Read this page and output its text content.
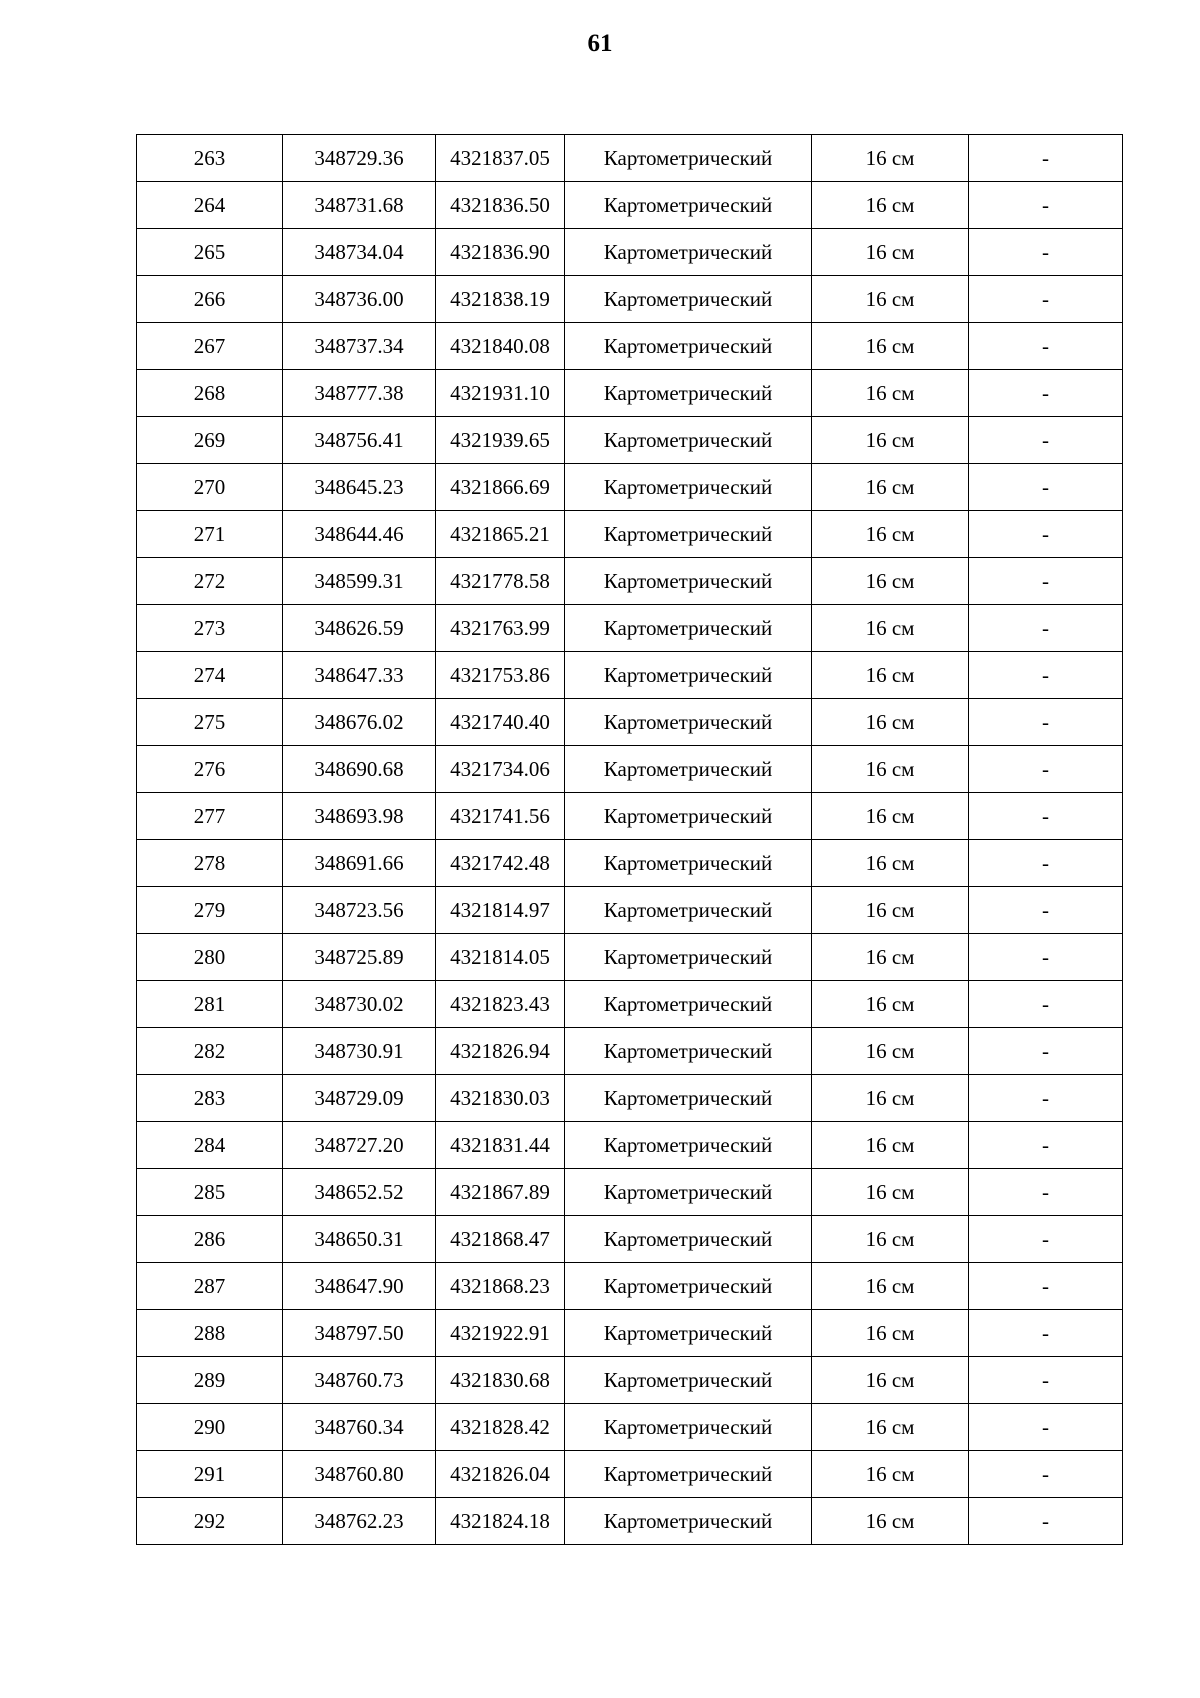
61
263	348729.36	4321837.05	Картометрический	16 см	-
264	348731.68	4321836.50	Картометрический	16 см	-
265	348734.04	4321836.90	Картометрический	16 см	-
266	348736.00	4321838.19	Картометрический	16 см	-
267	348737.34	4321840.08	Картометрический	16 см	-
268	348777.38	4321931.10	Картометрический	16 см	-
269	348756.41	4321939.65	Картометрический	16 см	-
270	348645.23	4321866.69	Картометрический	16 см	-
271	348644.46	4321865.21	Картометрический	16 см	-
272	348599.31	4321778.58	Картометрический	16 см	-
273	348626.59	4321763.99	Картометрический	16 см	-
274	348647.33	4321753.86	Картометрический	16 см	-
275	348676.02	4321740.40	Картометрический	16 см	-
276	348690.68	4321734.06	Картометрический	16 см	-
277	348693.98	4321741.56	Картометрический	16 см	-
278	348691.66	4321742.48	Картометрический	16 см	-
279	348723.56	4321814.97	Картометрический	16 см	-
280	348725.89	4321814.05	Картометрический	16 см	-
281	348730.02	4321823.43	Картометрический	16 см	-
282	348730.91	4321826.94	Картометрический	16 см	-
283	348729.09	4321830.03	Картометрический	16 см	-
284	348727.20	4321831.44	Картометрический	16 см	-
285	348652.52	4321867.89	Картометрический	16 см	-
286	348650.31	4321868.47	Картометрический	16 см	-
287	348647.90	4321868.23	Картометрический	16 см	-
288	348797.50	4321922.91	Картометрический	16 см	-
289	348760.73	4321830.68	Картометрический	16 см	-
290	348760.34	4321828.42	Картометрический	16 см	-
291	348760.80	4321826.04	Картометрический	16 см	-
292	348762.23	4321824.18	Картометрический	16 см	-
